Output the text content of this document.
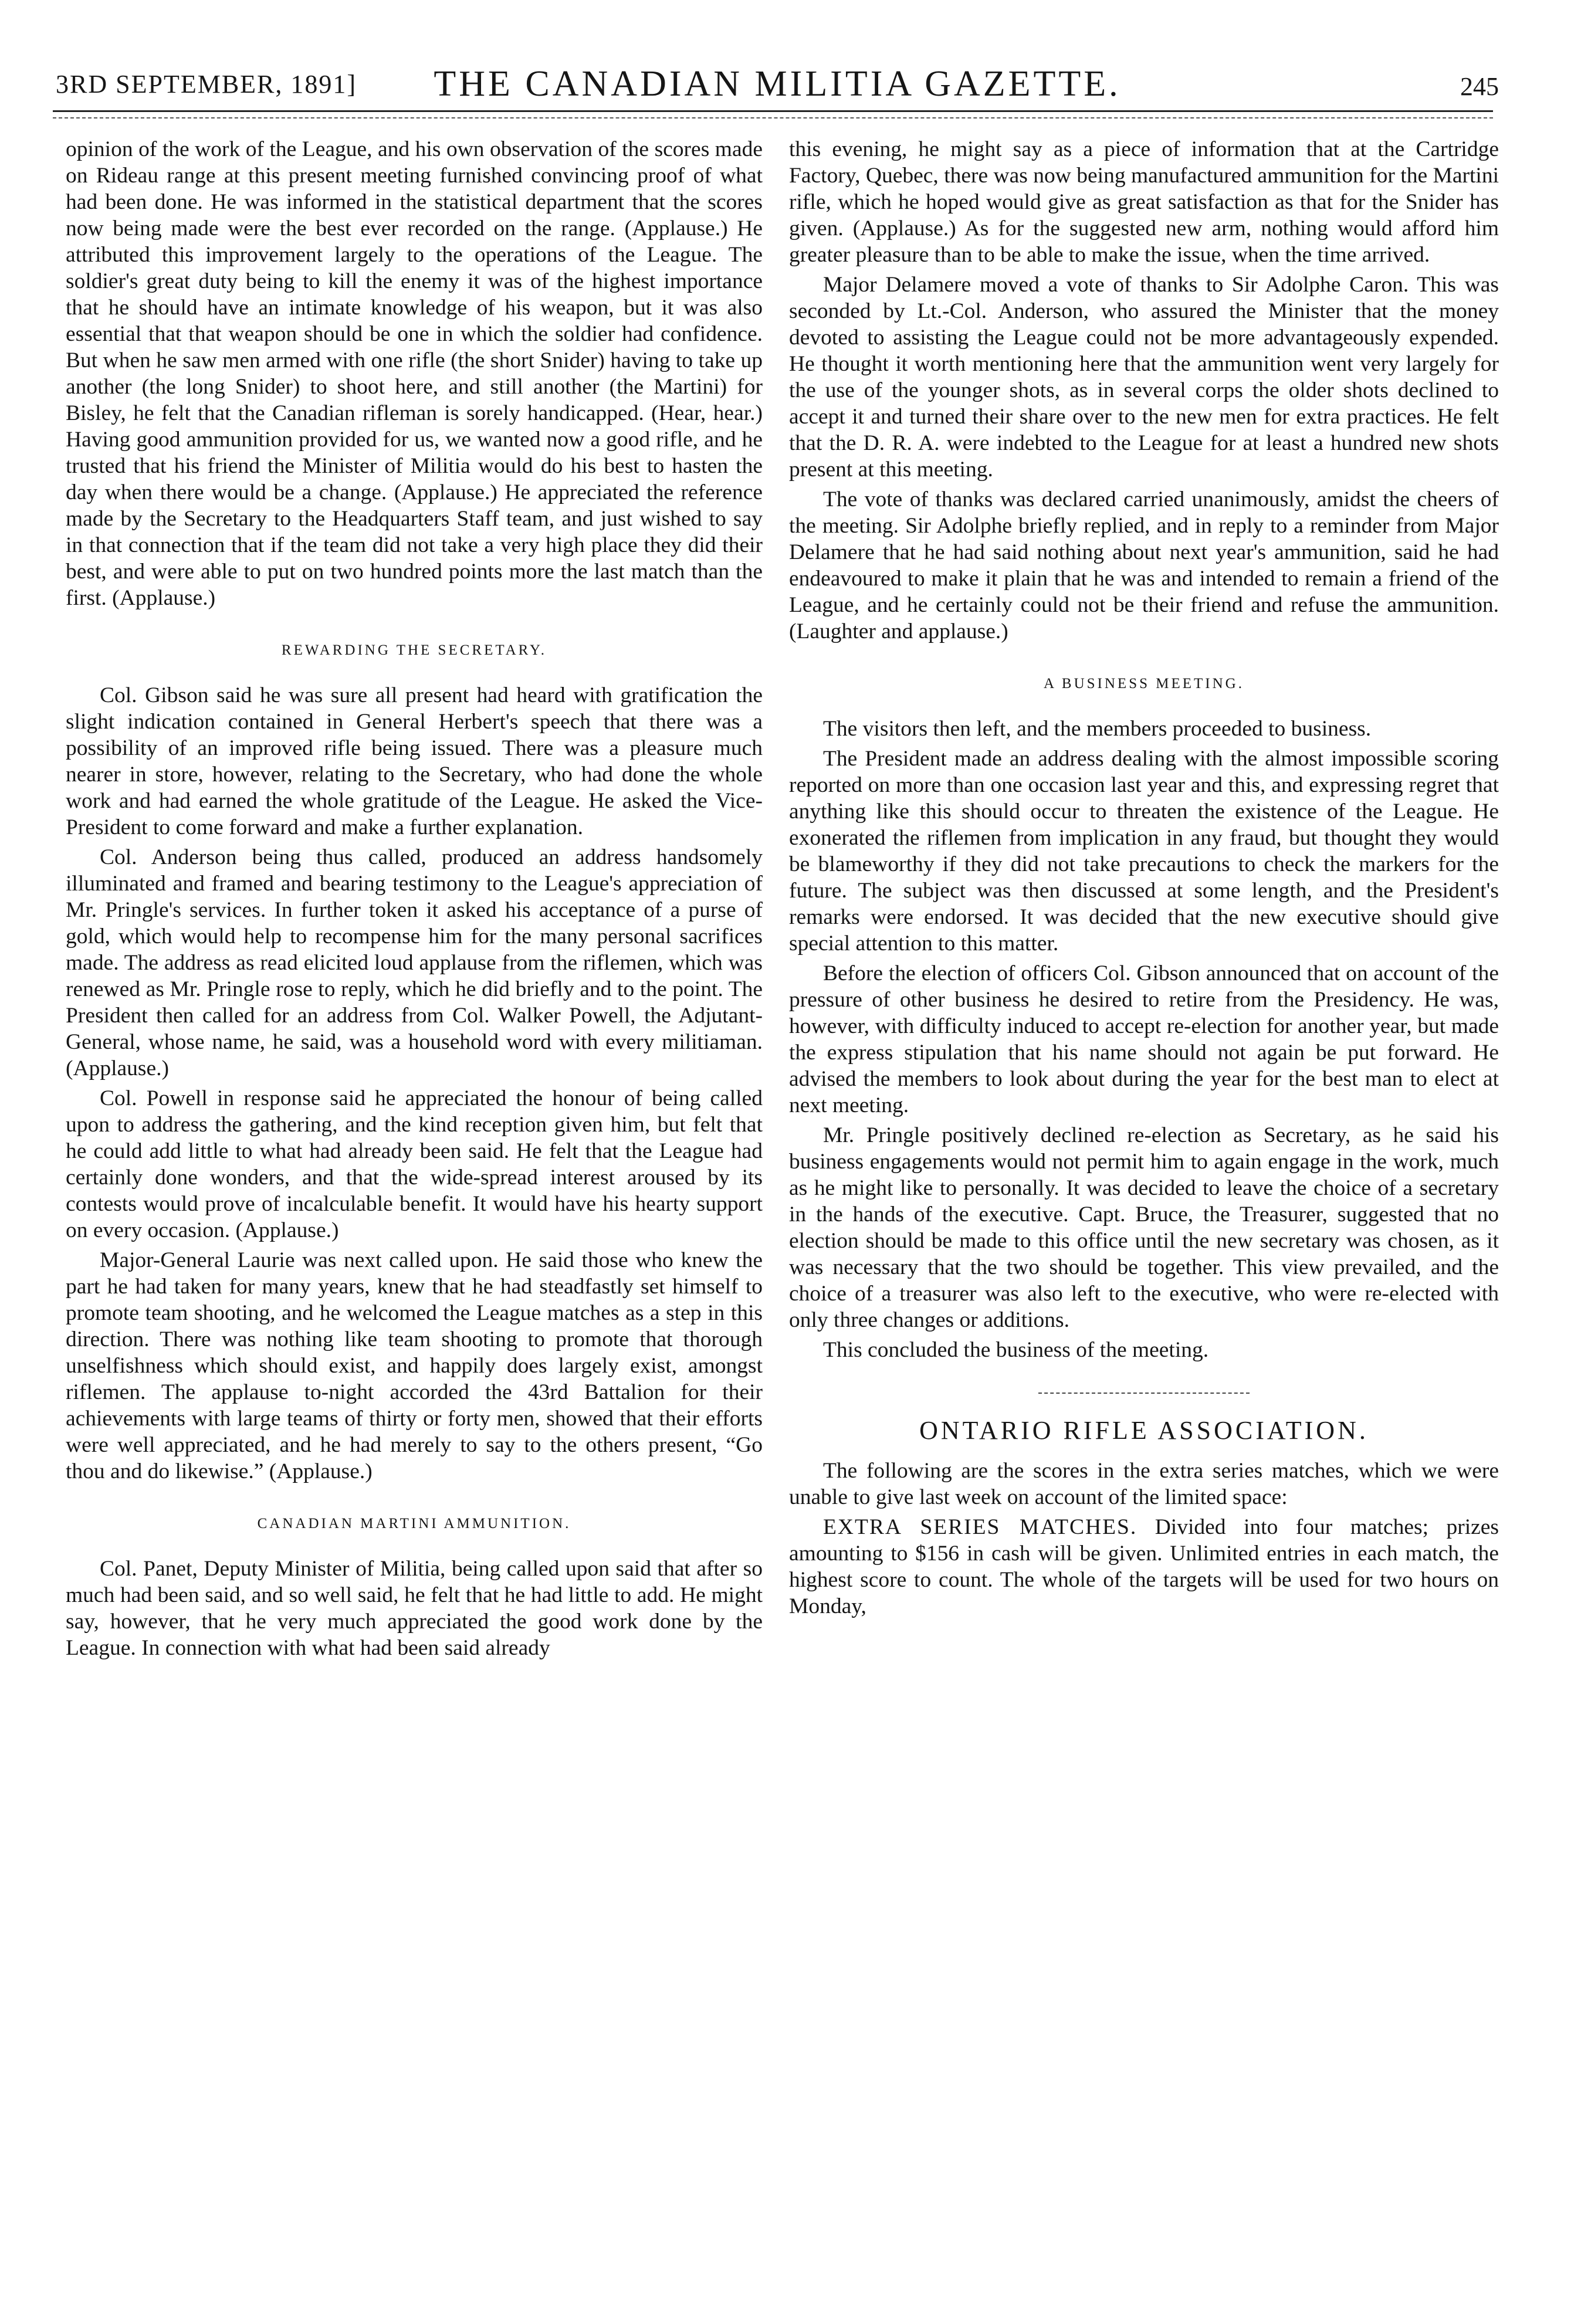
3RD SEPTEMBER, 1891]	THE CANADIAN MILITIA GAZETTE.	245

opinion of the work of the League, and his own observation of the scores made on Rideau range at this present meeting furnished convincing proof of what had been done. He was informed in the statistical department that the scores now being made were the best ever recorded on the range. (Applause.) He attributed this improvement largely to the operations of the League. The soldier's great duty being to kill the enemy it was of the highest importance that he should have an intimate knowledge of his weapon, but it was also essential that that weapon should be one in which the soldier had confidence. But when he saw men armed with one rifle (the short Snider) having to take up another (the long Snider) to shoot here, and still another (the Martini) for Bisley, he felt that the Canadian rifleman is sorely handicapped. (Hear, hear.) Having good ammunition provided for us, we wanted now a good rifle, and he trusted that his friend the Minister of Militia would do his best to hasten the day when there would be a change. (Applause.) He appreciated the reference made by the Secretary to the Headquarters Staff team, and just wished to say in that connection that if the team did not take a very high place they did their best, and were able to put on two hundred points more the last match than the first. (Applause.)

REWARDING THE SECRETARY.

Col. Gibson said he was sure all present had heard with gratification the slight indication contained in General Herbert's speech that there was a possibility of an improved rifle being issued. There was a pleasure much nearer in store, however, relating to the Secretary, who had done the whole work and had earned the whole gratitude of the League. He asked the Vice-President to come forward and make a further explanation.

Col. Anderson being thus called, produced an address handsomely illuminated and framed and bearing testimony to the League's appreciation of Mr. Pringle's services. In further token it asked his acceptance of a purse of gold, which would help to recompense him for the many personal sacrifices made. The address as read elicited loud applause from the riflemen, which was renewed as Mr. Pringle rose to reply, which he did briefly and to the point. The President then called for an address from Col. Walker Powell, the Adjutant-General, whose name, he said, was a household word with every militiaman. (Applause.)

Col. Powell in response said he appreciated the honour of being called upon to address the gathering, and the kind reception given him, but felt that he could add little to what had already been said. He felt that the League had certainly done wonders, and that the wide-spread interest aroused by its contests would prove of incalculable benefit. It would have his hearty support on every occasion. (Applause.)

Major-General Laurie was next called upon. He said those who knew the part he had taken for many years, knew that he had steadfastly set himself to promote team shooting, and he welcomed the League matches as a step in this direction. There was nothing like team shooting to promote that thorough unselfishness which should exist, and happily does largely exist, amongst riflemen. The applause to-night accorded the 43rd Battalion for their achievements with large teams of thirty or forty men, showed that their efforts were well appreciated, and he had merely to say to the others present, “Go thou and do likewise.” (Applause.)

CANADIAN MARTINI AMMUNITION.

Col. Panet, Deputy Minister of Militia, being called upon said that after so much had been said, and so well said, he felt that he had little to add. He might say, however, that he very much appreciated the good work done by the League. In connection with what had been said already

this evening, he might say as a piece of information that at the Cartridge Factory, Quebec, there was now being manufactured ammunition for the Martini rifle, which he hoped would give as great satisfaction as that for the Snider has given. (Applause.) As for the suggested new arm, nothing would afford him greater pleasure than to be able to make the issue, when the time arrived.

Major Delamere moved a vote of thanks to Sir Adolphe Caron. This was seconded by Lt.-Col. Anderson, who assured the Minister that the money devoted to assisting the League could not be more advantageously expended. He thought it worth mentioning here that the ammunition went very largely for the use of the younger shots, as in several corps the older shots declined to accept it and turned their share over to the new men for extra practices. He felt that the D. R. A. were indebted to the League for at least a hundred new shots present at this meeting.

The vote of thanks was declared carried unanimously, amidst the cheers of the meeting. Sir Adolphe briefly replied, and in reply to a reminder from Major Delamere that he had said nothing about next year's ammunition, said he had endeavoured to make it plain that he was and intended to remain a friend of the League, and he certainly could not be their friend and refuse the ammunition. (Laughter and applause.)

A BUSINESS MEETING.

The visitors then left, and the members proceeded to business.

The President made an address dealing with the almost impossible scoring reported on more than one occasion last year and this, and expressing regret that anything like this should occur to threaten the existence of the League. He exonerated the riflemen from implication in any fraud, but thought they would be blameworthy if they did not take precautions to check the markers for the future. The subject was then discussed at some length, and the President's remarks were endorsed. It was decided that the new executive should give special attention to this matter.

Before the election of officers Col. Gibson announced that on account of the pressure of other business he desired to retire from the Presidency. He was, however, with difficulty induced to accept re-election for another year, but made the express stipulation that his name should not again be put forward. He advised the members to look about during the year for the best man to elect at next meeting.

Mr. Pringle positively declined re-election as Secretary, as he said his business engagements would not permit him to again engage in the work, much as he might like to personally. It was decided to leave the choice of a secretary in the hands of the executive. Capt. Bruce, the Treasurer, suggested that no election should be made to this office until the new secretary was chosen, as it was necessary that the two should be together. This view prevailed, and the choice of a treasurer was also left to the executive, who were re-elected with only three changes or additions.

This concluded the business of the meeting.

ONTARIO RIFLE ASSOCIATION.

The following are the scores in the extra series matches, which we were unable to give last week on account of the limited space:

EXTRA SERIES MATCHES. Divided into four matches; prizes amounting to $156 in cash will be given. Unlimited entries in each match, the highest score to count. The whole of the targets will be used for two hours on Monday,
